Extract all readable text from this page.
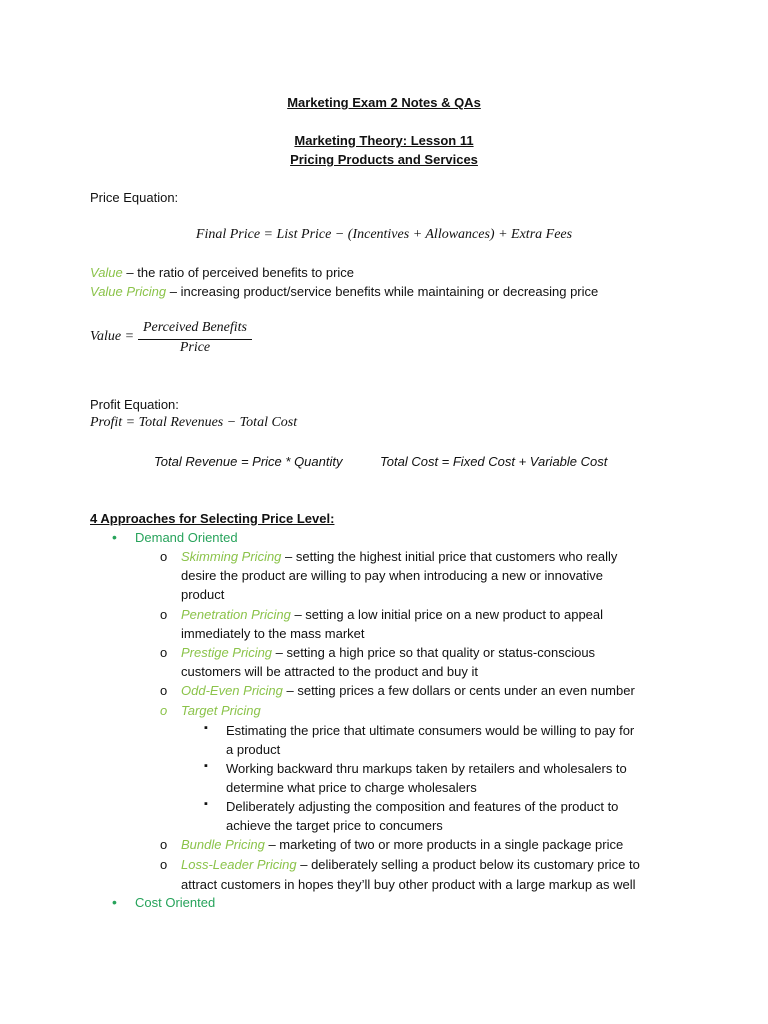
Marketing Exam 2 Notes & QAs
Marketing Theory: Lesson 11
Pricing Products and Services
Price Equation:
Final Price = List Price − (Incentives + Allowances) + Extra Fees
Value – the ratio of perceived benefits to price
Value Pricing – increasing product/service benefits while maintaining or decreasing price
Value =
Perceived Benefits
Price
Profit Equation:
Profit = Total Revenues − Total Cost
Total Revenue = Price * Quantity	Total Cost = Fixed Cost + Variable Cost
4 Approaches for Selecting Price Level:
• Demand Oriented
o Skimming Pricing – setting the highest initial price that customers who really
desire the product are willing to pay when introducing a new or innovative
product
o Penetration Pricing – setting a low initial price on a new product to appeal
immediately to the mass market
o Prestige Pricing – setting a high price so that quality or status-conscious
customers will be attracted to the product and buy it
o Odd-Even Pricing – setting prices a few dollars or cents under an even number
o Target Pricing
▪ Estimating the price that ultimate consumers would be willing to pay for
a product
▪ Working backward thru markups taken by retailers and wholesalers to
determine what price to charge wholesalers
▪ Deliberately adjusting the composition and features of the product to
achieve the target price to concumers
o Bundle Pricing – marketing of two or more products in a single package price
o Loss-Leader Pricing – deliberately selling a product below its customary price to
attract customers in hopes they’ll buy other product with a large markup as well
• Cost Oriented
